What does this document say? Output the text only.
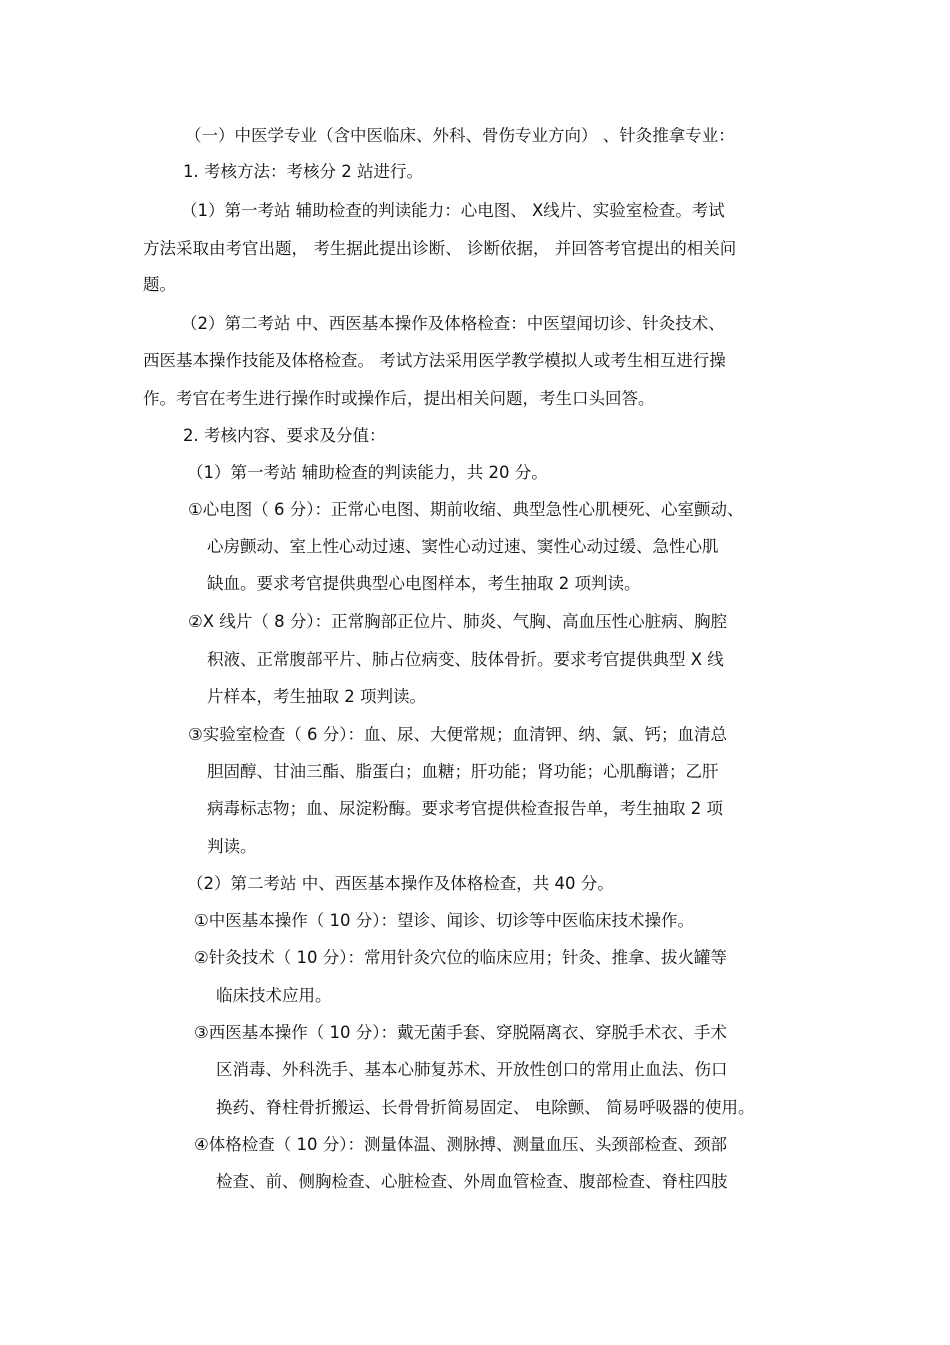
（一）中医学专业（含中医临床、外科、骨伤专业方向） 、针灸推拿专业：
1. 考核方法：考核分 2 站进行。
（1）第一考站 辅助检查的判读能力：心电图、 X线片、实验室检查。考试
方法采取由考官出题， 考生据此提出诊断、 诊断依据， 并回答考官提出的相关问
题。
（2）第二考站 中、西医基本操作及体格检查：中医望闻切诊、针灸技术、
西医基本操作技能及体格检查。 考试方法采用医学教学模拟人或考生相互进行操
作。考官在考生进行操作时或操作后，提出相关问题，考生口头回答。
2. 考核内容、要求及分值：
（1）第一考站 辅助检查的判读能力，共 20 分。
①心电图（ 6 分）：正常心电图、期前收缩、典型急性心肌梗死、心室颤动、
心房颤动、室上性心动过速、窦性心动过速、窦性心动过缓、急性心肌
缺血。要求考官提供典型心电图样本，考生抽取 2 项判读。
②X 线片（ 8 分）：正常胸部正位片、肺炎、气胸、高血压性心脏病、胸腔
积液、正常腹部平片、肺占位病变、肢体骨折。要求考官提供典型 X 线
片样本，考生抽取 2 项判读。
③实验室检查（ 6 分）：血、尿、大便常规；血清钾、纳、氯、钙；血清总
胆固醇、甘油三酯、脂蛋白；血糖；肝功能；肾功能；心肌酶谱；乙肝
病毒标志物；血、尿淀粉酶。要求考官提供检查报告单，考生抽取 2 项
判读。
（2）第二考站 中、西医基本操作及体格检查，共 40 分。
①中医基本操作（ 10 分）：望诊、闻诊、切诊等中医临床技术操作。
②针灸技术（ 10 分）：常用针灸穴位的临床应用；针灸、推拿、拔火罐等
临床技术应用。
③西医基本操作（ 10 分）：戴无菌手套、穿脱隔离衣、穿脱手术衣、手术
区消毒、外科洗手、基本心肺复苏术、开放性创口的常用止血法、伤口
换药、脊柱骨折搬运、长骨骨折简易固定、 电除颤、 简易呼吸器的使用。
④体格检查（ 10 分）：测量体温、测脉搏、测量血压、头颈部检查、颈部
检查、前、侧胸检查、心脏检查、外周血管检查、腹部检查、脊柱四肢
